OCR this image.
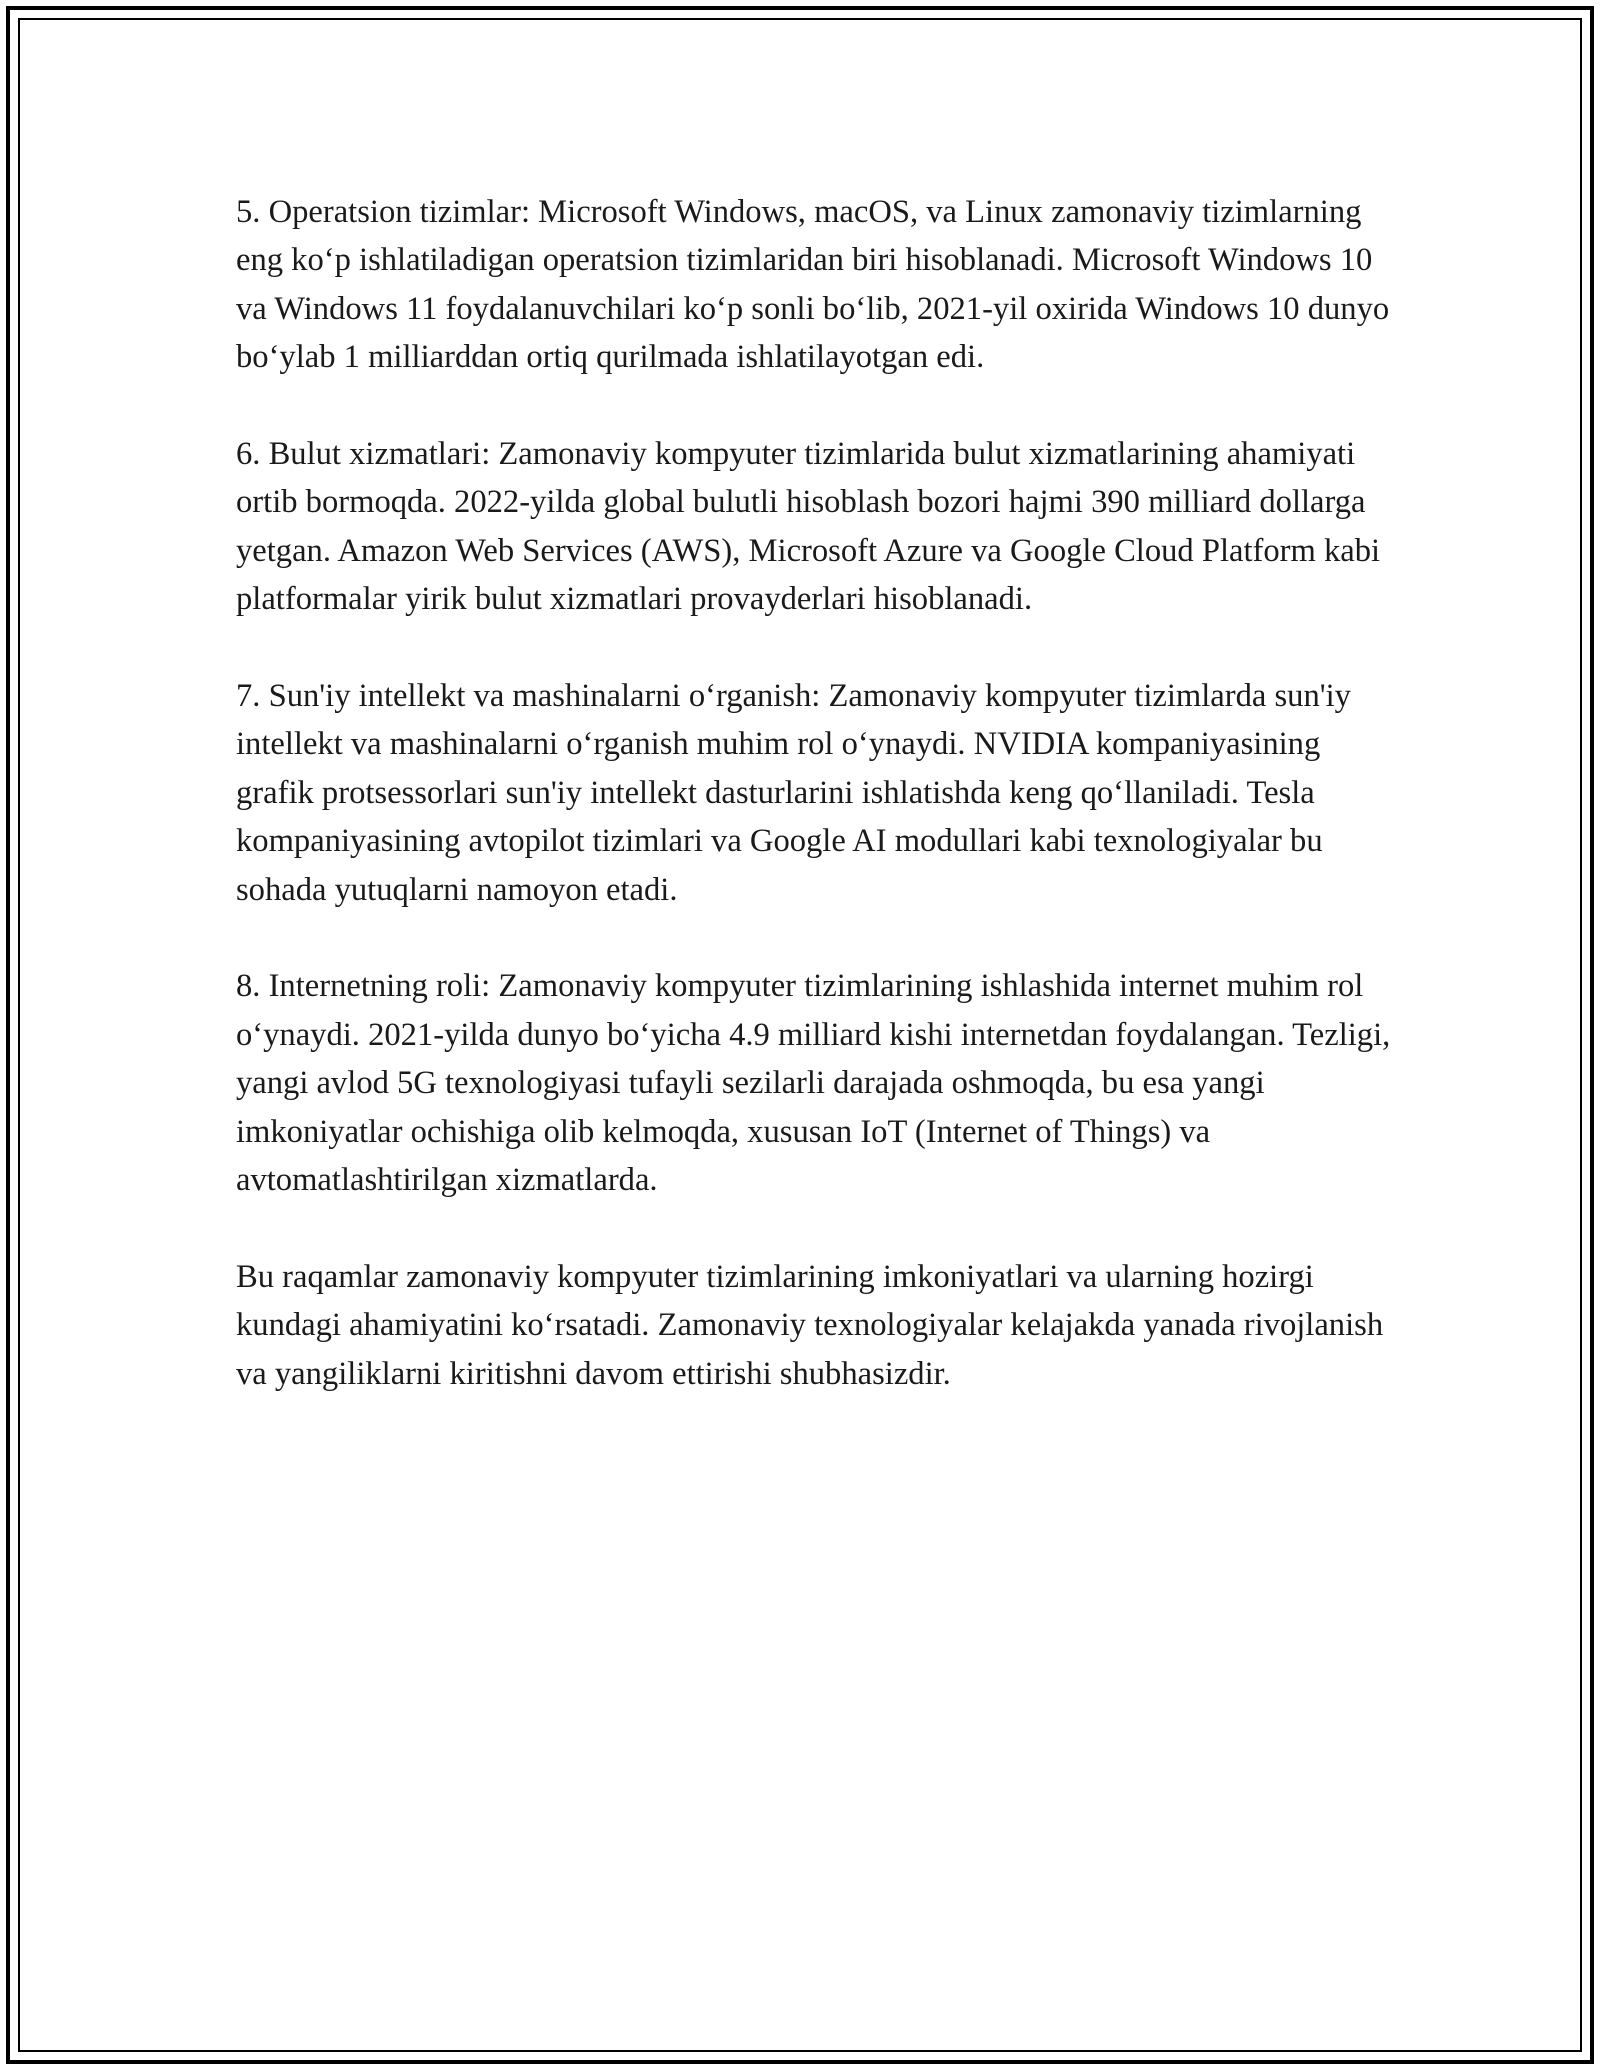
5. Operatsion tizimlar: Microsoft Windows, macOS, va Linux zamonaviy tizimlarning eng ko‘p ishlatiladigan operatsion tizimlaridan biri hisoblanadi. Microsoft Windows 10 va Windows 11 foydalanuvchilari ko‘p sonli bo‘lib, 2021-yil oxirida Windows 10 dunyo bo‘ylab 1 milliarddan ortiq qurilmada ishlatilayotgan edi.

6. Bulut xizmatlari: Zamonaviy kompyuter tizimlarida bulut xizmatlarining ahamiyati ortib bormoqda. 2022-yilda global bulutli hisoblash bozori hajmi 390 milliard dollarga yetgan. Amazon Web Services (AWS), Microsoft Azure va Google Cloud Platform kabi platformalar yirik bulut xizmatlari provayderlari hisoblanadi.

7. Sun'iy intellekt va mashinalarni o‘rganish: Zamonaviy kompyuter tizimlarda sun'iy intellekt va mashinalarni o‘rganish muhim rol o‘ynaydi. NVIDIA kompaniyasining grafik protsessorlari sun'iy intellekt dasturlarini ishlatishda keng qo‘llaniladi. Tesla kompaniyasining avtopilot tizimlari va Google AI modullari kabi texnologiyalar bu sohada yutuqlarni namoyon etadi.

8. Internetning roli: Zamonaviy kompyuter tizimlarining ishlashida internet muhim rol o‘ynaydi. 2021-yilda dunyo bo‘yicha 4.9 milliard kishi internetdan foydalangan. Tezligi, yangi avlod 5G texnologiyasi tufayli sezilarli darajada oshmoqda, bu esa yangi imkoniyatlar ochishiga olib kelmoqda, xususan IoT (Internet of Things) va avtomatlashtirilgan xizmatlarda.

Bu raqamlar zamonaviy kompyuter tizimlarining imkoniyatlari va ularning hozirgi kundagi ahamiyatini ko‘rsatadi. Zamonaviy texnologiyalar kelajakda yanada rivojlanish va yangiliklarni kiritishni davom ettirishi shubhasizdir.
